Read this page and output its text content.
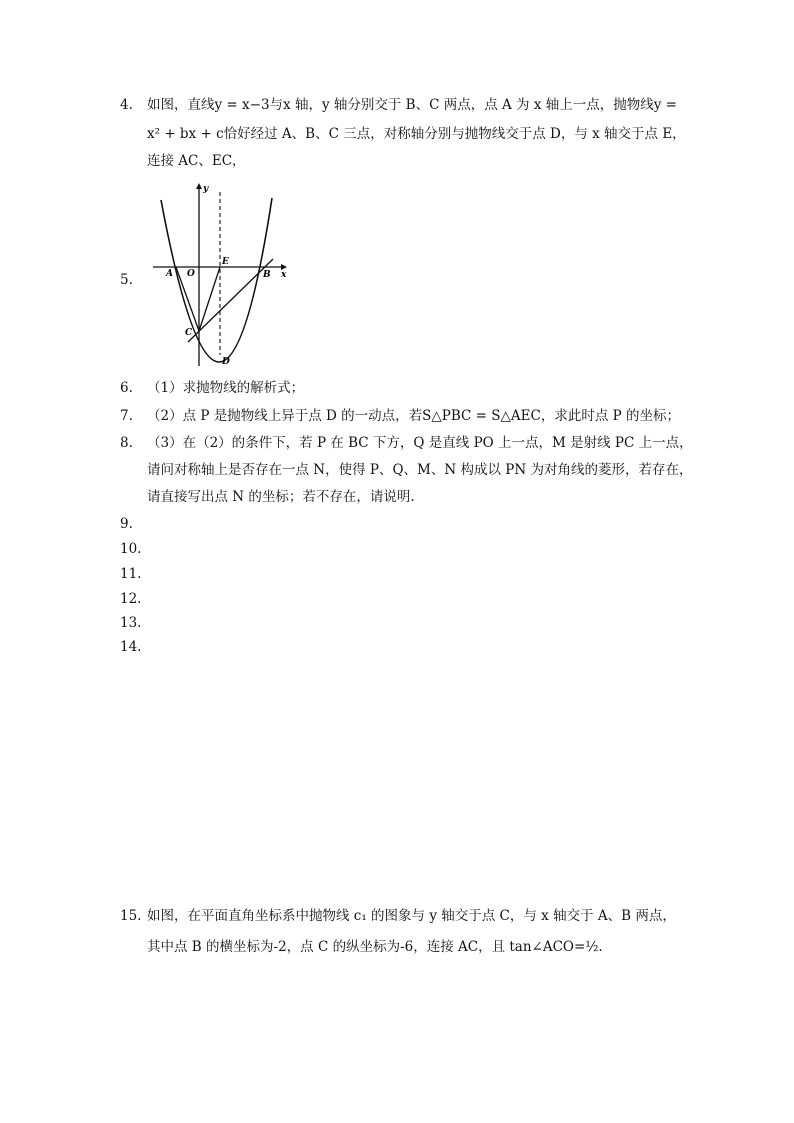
4. 如图，直线y = x−3与x 轴，y 轴分别交于 B、C 两点，点 A 为 x 轴上一点，抛物线y =
x² + bx + c恰好经过 A、B、C 三点，对称轴分别与抛物线交于点 D，与 x 轴交于点 E，
连接 AC、EC，
5.
y
x
A O
E
B
C
D
6. （1）求抛物线的解析式；
7. （2）点 P 是抛物线上异于点 D 的一动点，若S△PBC = S△AEC，求此时点 P 的坐标；
8. （3）在（2）的条件下，若 P 在 BC 下方，Q 是直线 PO 上一点，M 是射线 PC 上一点，
请问对称轴上是否存在一点 N，使得 P、Q、M、N 构成以 PN 为对角线的菱形，若存在，
请直接写出点 N 的坐标；若不存在，请说明.
9.
10.
11.
12.
13.
14.
15. 如图，在平面直角坐标系中抛物线 c₁ 的图象与 y 轴交于点 C，与 x 轴交于 A、B 两点，
其中点 B 的横坐标为-2，点 C 的纵坐标为-6，连接 AC，且 tan∠ACO=½.
